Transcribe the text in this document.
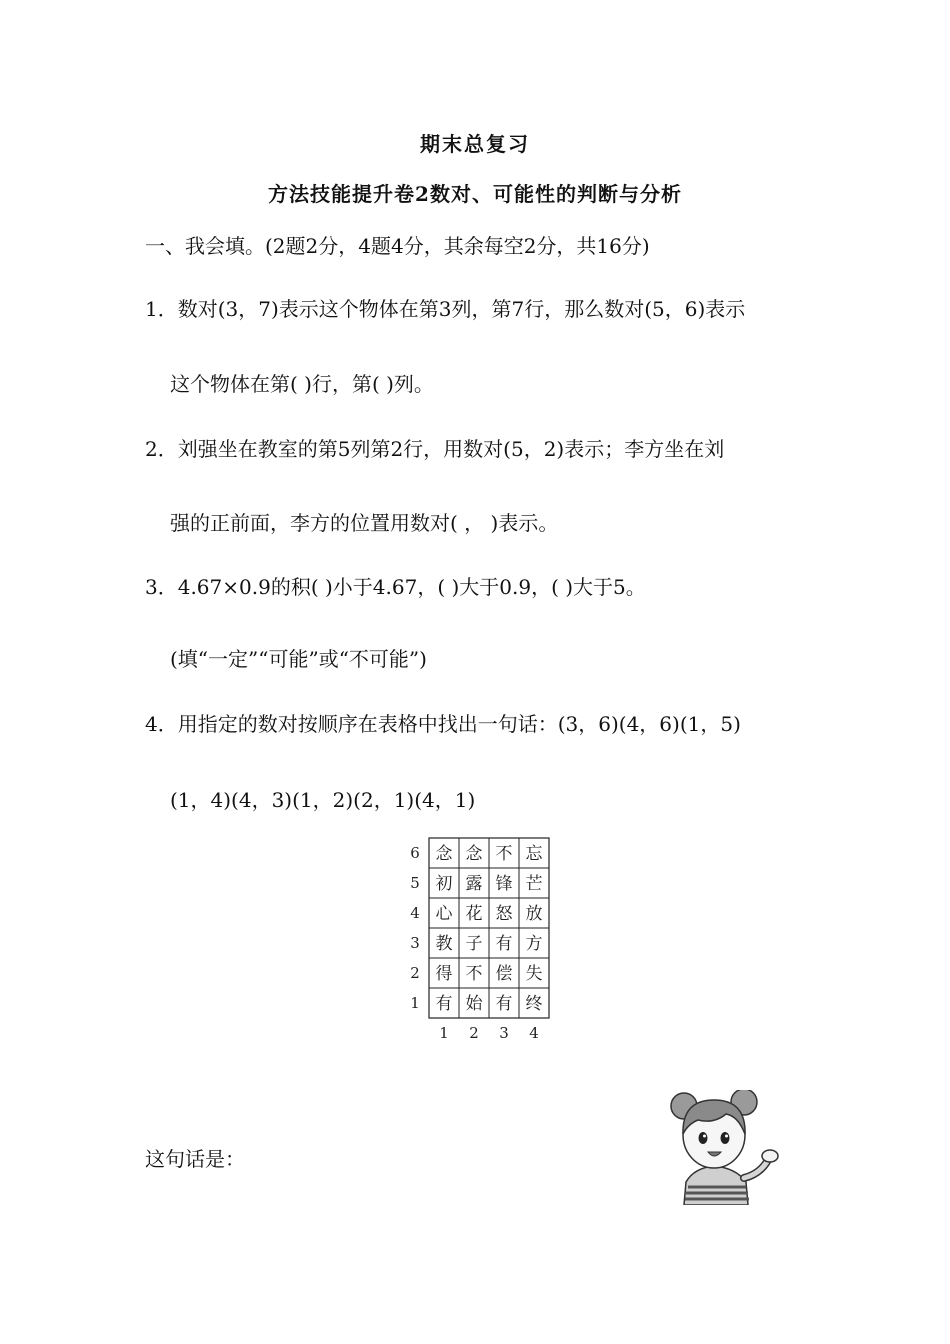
期末总复习
方法技能提升卷2数对、可能性的判断与分析
一、我会填。(2题2分，4题4分，其余每空2分，共16分)
1．数对(3，7)表示这个物体在第3列，第7行，那么数对(5，6)表示
这个物体在第( )行，第( )列。
2．刘强坐在教室的第5列第2行，用数对(5，2)表示；李方坐在刘
强的正前面，李方的位置用数对( ， )表示。
3．4.67×0.9的积( )小于4.67，( )大于0.9，( )大于5。
(填“一定”“可能”或“不可能”)
4．用指定的数对按顺序在表格中找出一句话：(3，6)(4，6)(1，5)
(1，4)(4，3)(1，2)(2，1)(4，1)
念 念 不 忘
初 露 锋 芒
心 花 怒 放
教 子 有 方
得 不 偿 失
有 始 有 终
6
5
4
3
2
1
1 2 3 4
这句话是：
